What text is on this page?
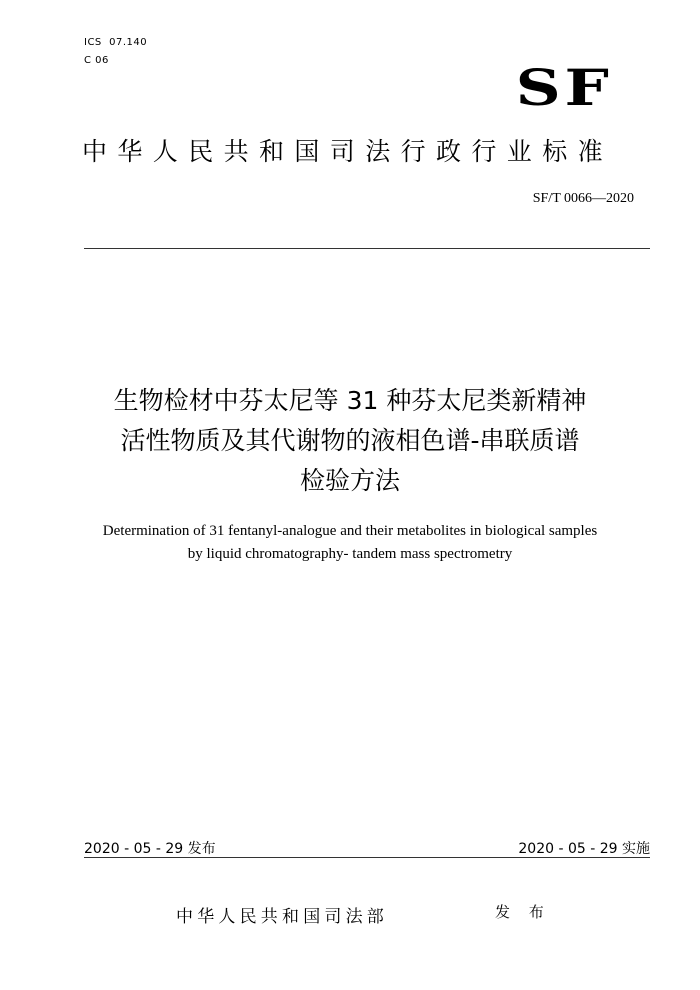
ICS  07.140
C 06	SF
中华人民共和国司法行政行业标准
SF/T 0066—2020
生物检材中芬太尼等 31 种芬太尼类新精神
活性物质及其代谢物的液相色谱-串联质谱
检验方法
Determination of 31 fentanyl-analogue and their metabolites in biological samples
by liquid chromatography- tandem mass spectrometry
2020 - 05 - 29 发布	2020 - 05 - 29 实施
中华人民共和国司法部	发 布
